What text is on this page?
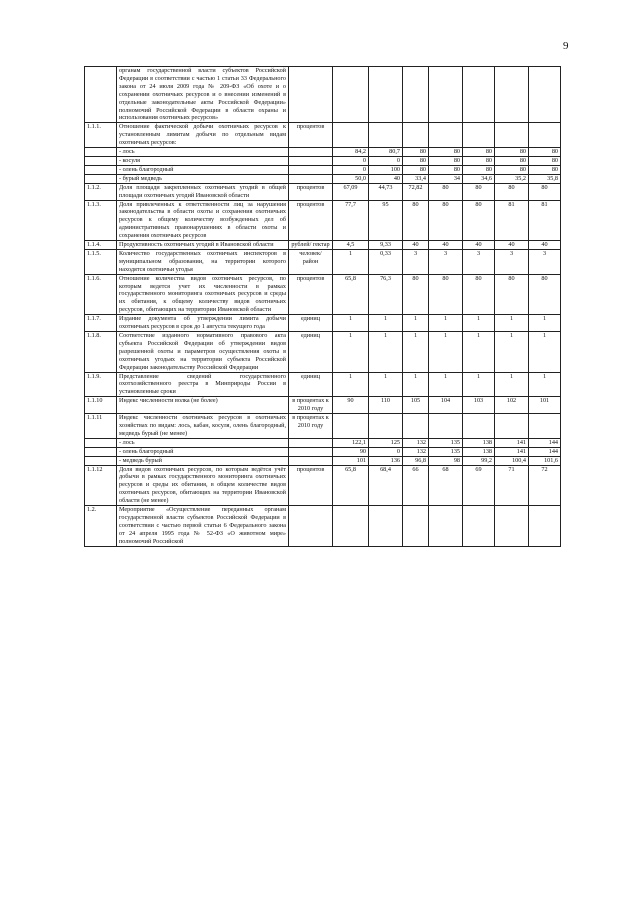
9
	органам государственной власти субъектов Российской Федерации в соответствии с частью 1 статьи 33 Федерального закона от 24 июля 2009 года № 209-ФЗ «Об охоте и о сохранении охотничьих ресурсов и о внесении изменений в отдельные законодательные акты Российской Федерации» полномочий Российской Федерации в области охраны и использования охотничьих ресурсов»								
1.1.1.	Отношение фактической добычи охотничьих ресурсов к установленным лимитам добычи по отдельным видам охотничьих ресурсов:	процентов							
	- лось		84,2	80,7	80	80	80	80	80
	- косуля		0	0	80	80	80	80	80
	- олень благородный		0	100	80	80	80	80	80
	- бурый медведь		50,0	40	33,4	34	34,6	35,2	35,8
1.1.2.	Доля площади закрепленных охотничьих угодий в общей площади охотничьих угодий Ивановской области	процентов	67,09	44,73	72,82	80	80	80	80
1.1.3.	Доля привлеченных к ответственности лиц за нарушения законодательства в области охоты и сохранения охотничьих ресурсов к общему количеству возбужденных дел об административных правонарушениях в области охоты и сохранения охотничьих ресурсов	процентов	77,7	95	80	80	80	81	81
1.1.4.	Продуктивность охотничьих угодий в Ивановской области	рублей/ гектар	4,5	9,33	40	40	40	40	40
1.1.5.	Количество государственных охотничьих инспекторов в муниципальном образовании, на территории которого находятся охотничьи угодья	человек/ район	1	0,33	3	3	3	3	3
1.1.6.	Отношение количества видов охотничьих ресурсов, по которым ведется учет их численности в рамках государственного мониторинга охотничьих ресурсов и среды их обитания, к общему количеству видов охотничьих ресурсов, обитающих на территории Ивановской области	процентов	65,8	76,3	80	80	80	80	80
1.1.7.	Издание документа об утверждении лимита добычи охотничьих ресурсов в срок до 1 августа текущего года	единиц	1	1	1	1	1	1	1
1.1.8.	Соответствие изданного нормативного правового акта субъекта Российской Федерации об утверждении видов разрешенной охоты и параметров осуществления охоты в охотничьих угодьях на территории субъекта Российской Федерации законодательству Российской Федерации	единиц	1	1	1	1	1	1	1
1.1.9.	Представление сведений государственного охотхозяйственного реестра в Минприроды России в установленные сроки	единиц	1	1	1	1	1	1	1
1.1.10	Индекс численности волка (не более)	в процентах к 2010 году	90	110	105	104	103	102	101
1.1.11	Индекс численности охотничьих ресурсов в охотничьих хозяйствах по видам: лось, кабан, косуля, олень благородный, медведь бурый (не менее)	в процентах к 2010 году							
	- лось		122,1	125	132	135	138	141	144
	- олень благородный		90	0	132	135	138	141	144
	- медведь бурый		101	136	96,8	98	99,2	100,4	101,6
1.1.12	Доля видов охотничьих ресурсов, по которым ведётся учёт добычи в рамках государственного мониторинга охотничьих ресурсов и среды их обитания, в общем количестве видов охотничьих ресурсов, обитающих на территории Ивановской области (не менее)	процентов	65,8	68,4	66	68	69	71	72
1.2.	Мероприятие «Осуществление переданных органам государственной власти субъектов Российской Федерации в соответствии с частью первой статьи 6 Федерального закона от 24 апреля 1995 года № 52-ФЗ «О животном мире» полномочий Российской								
